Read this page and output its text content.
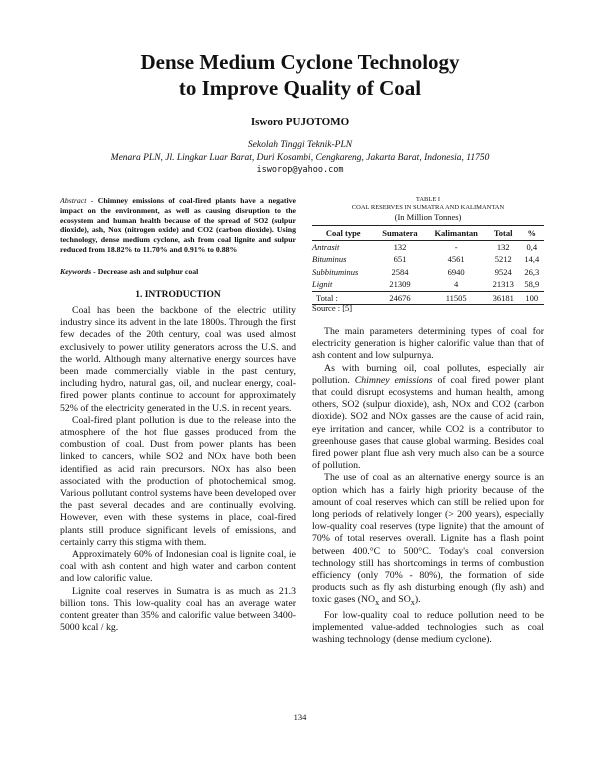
Dense Medium Cyclone Technology
to Improve Quality of Coal
Isworo PUJOTOMO
Sekolah Tinggi Teknik-PLN
Menara PLN, Jl. Lingkar Luar Barat, Duri Kosambi, Cengkareng, Jakarta Barat, Indonesia, 11750
isworop@yahoo.com
Abstract - Chimney emissions of coal-fired plants have a negative impact on the environment, as well as causing disruption to the ecosystem and human health because of the spread of SO2 (sulpur dioxide), ash, Nox (nitrogen oxide) and CO2 (carbon dioxide). Using technology, dense medium cyclone, ash from coal lignite and sulpur reduced from 18.82% to 11.70% and 0.91% to 0.88%
Keywords - Decrease ash and sulphur coal
1. INTRODUCTION

Coal has been the backbone of the electric utility industry since its advent in the late 1800s. Through the first few decades of the 20th century, coal was used almost exclusively to power utility generators across the U.S. and the world. Although many alternative energy sources have been made commercially viable in the past century, including hydro, natural gas, oil, and nuclear energy, coal-fired power plants continue to account for approximately 52% of the electricity generated in the U.S. in recent years.

Coal-fired plant pollution is due to the release into the atmosphere of the hot flue gasses produced from the combustion of coal. Dust from power plants has been linked to cancers, while SO2 and NOx have both been identified as acid rain precursors. NOx has also been associated with the production of photochemical smog. Various pollutant control systems have been developed over the past several decades and are continually evolving. However, even with these systems in place, coal-fired plants still produce significant levels of emissions, and certainly carry this stigma with them.

Approximately 60% of Indonesian coal is lignite coal, ie coal with ash content and high water and carbon content and low calorific value.

Lignite coal reserves in Sumatra is as much as 21.3 billion tons. This low-quality coal has an average water content greater than 35% and calorific value between 3400-5000 kcal / kg.

TABLE I
COAL RESERVES IN SUMATRA AND KALIMANTAN
(In Million Tonnes)
Coal type	Sumatera	Kalimantan	Total	%
Antrasit	132	-	132	0,4
Bituminus	651	4561	5212	14,4
Subbituminus	2584	6940	9524	26,3
Lignit	21309	4	21313	58,9
Total :	24676	11505	36181	100
Source : [5]

The main parameters determining types of coal for electricity generation is higher calorific value than that of ash content and low sulpurnya.

As with burning oil, coal pollutes, especially air pollution. Chimney emissions of coal fired power plant that could disrupt ecosystems and human health, among others, SO2 (sulpur dioxide), ash, NOx and CO2 (carbon dioxide). SO2 and NOx gasses are the cause of acid rain, eye irritation and cancer, while CO2 is a contributor to greenhouse gases that cause global warming. Besides coal fired power plant flue ash very much also can be a source of pollution.

The use of coal as an alternative energy source is an option which has a fairly high priority because of the amount of coal reserves which can still be relied upon for long periods of relatively longer (> 200 years), especially low-quality coal reserves (type lignite) that the amount of 70% of total reserves overall. Lignite has a flash point between 400.°C to 500°C. Today's coal conversion technology still has shortcomings in terms of combustion efficiency (only 70% - 80%), the formation of side products such as fly ash disturbing enough (fly ash) and toxic gases ($NO_x$ and $SO_x$).

For low-quality coal to reduce pollution need to be implemented value-added technologies such as coal washing technology (dense medium cyclone).

134
